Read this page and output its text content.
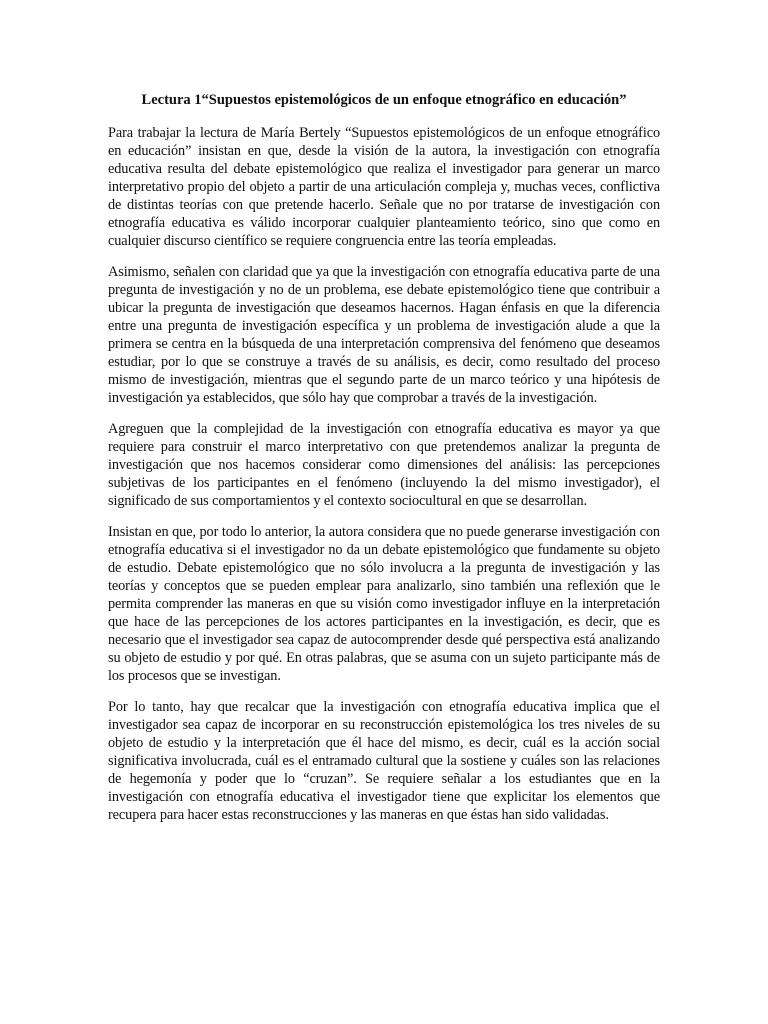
Lectura 1“Supuestos epistemológicos de un enfoque etnográfico en educación”

Para trabajar la lectura de María Bertely “Supuestos epistemológicos de un enfoque etnográfico en educación” insistan en que, desde la visión de la autora, la investigación con etnografía educativa resulta del debate epistemológico que realiza el investigador para generar un marco interpretativo propio del objeto a partir de una articulación compleja y, muchas veces, conflictiva de distintas teorías con que pretende hacerlo. Señale que no por tratarse de investigación con etnografía educativa es válido incorporar cualquier planteamiento teórico, sino que como en cualquier discurso científico se requiere congruencia entre las teoría empleadas.

Asimismo, señalen con claridad que ya que la investigación con etnografía educativa parte de una pregunta de investigación y no de un problema, ese debate epistemológico tiene que contribuir a ubicar la pregunta de investigación que deseamos hacernos. Hagan énfasis en que la diferencia entre una pregunta de investigación específica y un problema de investigación alude a que la primera se centra en la búsqueda de una interpretación comprensiva del fenómeno que deseamos estudiar, por lo que se construye a través de su análisis, es decir, como resultado del proceso mismo de investigación, mientras que el segundo parte de un marco teórico y una hipótesis de investigación ya establecidos, que sólo hay que comprobar a través de la investigación.

Agreguen que la complejidad de la investigación con etnografía educativa es mayor ya que requiere para construir el marco interpretativo con que pretendemos analizar la pregunta de investigación que nos hacemos considerar como dimensiones del análisis: las percepciones subjetivas de los participantes en el fenómeno (incluyendo la del mismo investigador), el significado de sus comportamientos y el contexto sociocultural en que se desarrollan.

Insistan en que, por todo lo anterior, la autora considera que no puede generarse investigación con etnografía educativa si el investigador no da un debate epistemológico que fundamente su objeto de estudio. Debate epistemológico que no sólo involucra a la pregunta de investigación y las teorías y conceptos que se pueden emplear para analizarlo, sino también una reflexión que le permita comprender las maneras en que su visión como investigador influye en la interpretación que hace de las percepciones de los actores participantes en la investigación, es decir, que es necesario que el investigador sea capaz de autocomprender desde qué perspectiva está analizando su objeto de estudio y por qué. En otras palabras, que se asuma con un sujeto participante más de los procesos que se investigan.

Por lo tanto, hay que recalcar que la investigación con etnografía educativa implica que el investigador sea capaz de incorporar en su reconstrucción epistemológica los tres niveles de su objeto de estudio y la interpretación que él hace del mismo, es decir, cuál es la acción social significativa involucrada, cuál es el entramado cultural que la sostiene y cuáles son las relaciones de hegemonía y poder que lo “cruzan”. Se requiere señalar a los estudiantes que en la investigación con etnografía educativa el investigador tiene que explicitar los elementos que recupera para hacer estas reconstrucciones y las maneras en que éstas han sido validadas.
